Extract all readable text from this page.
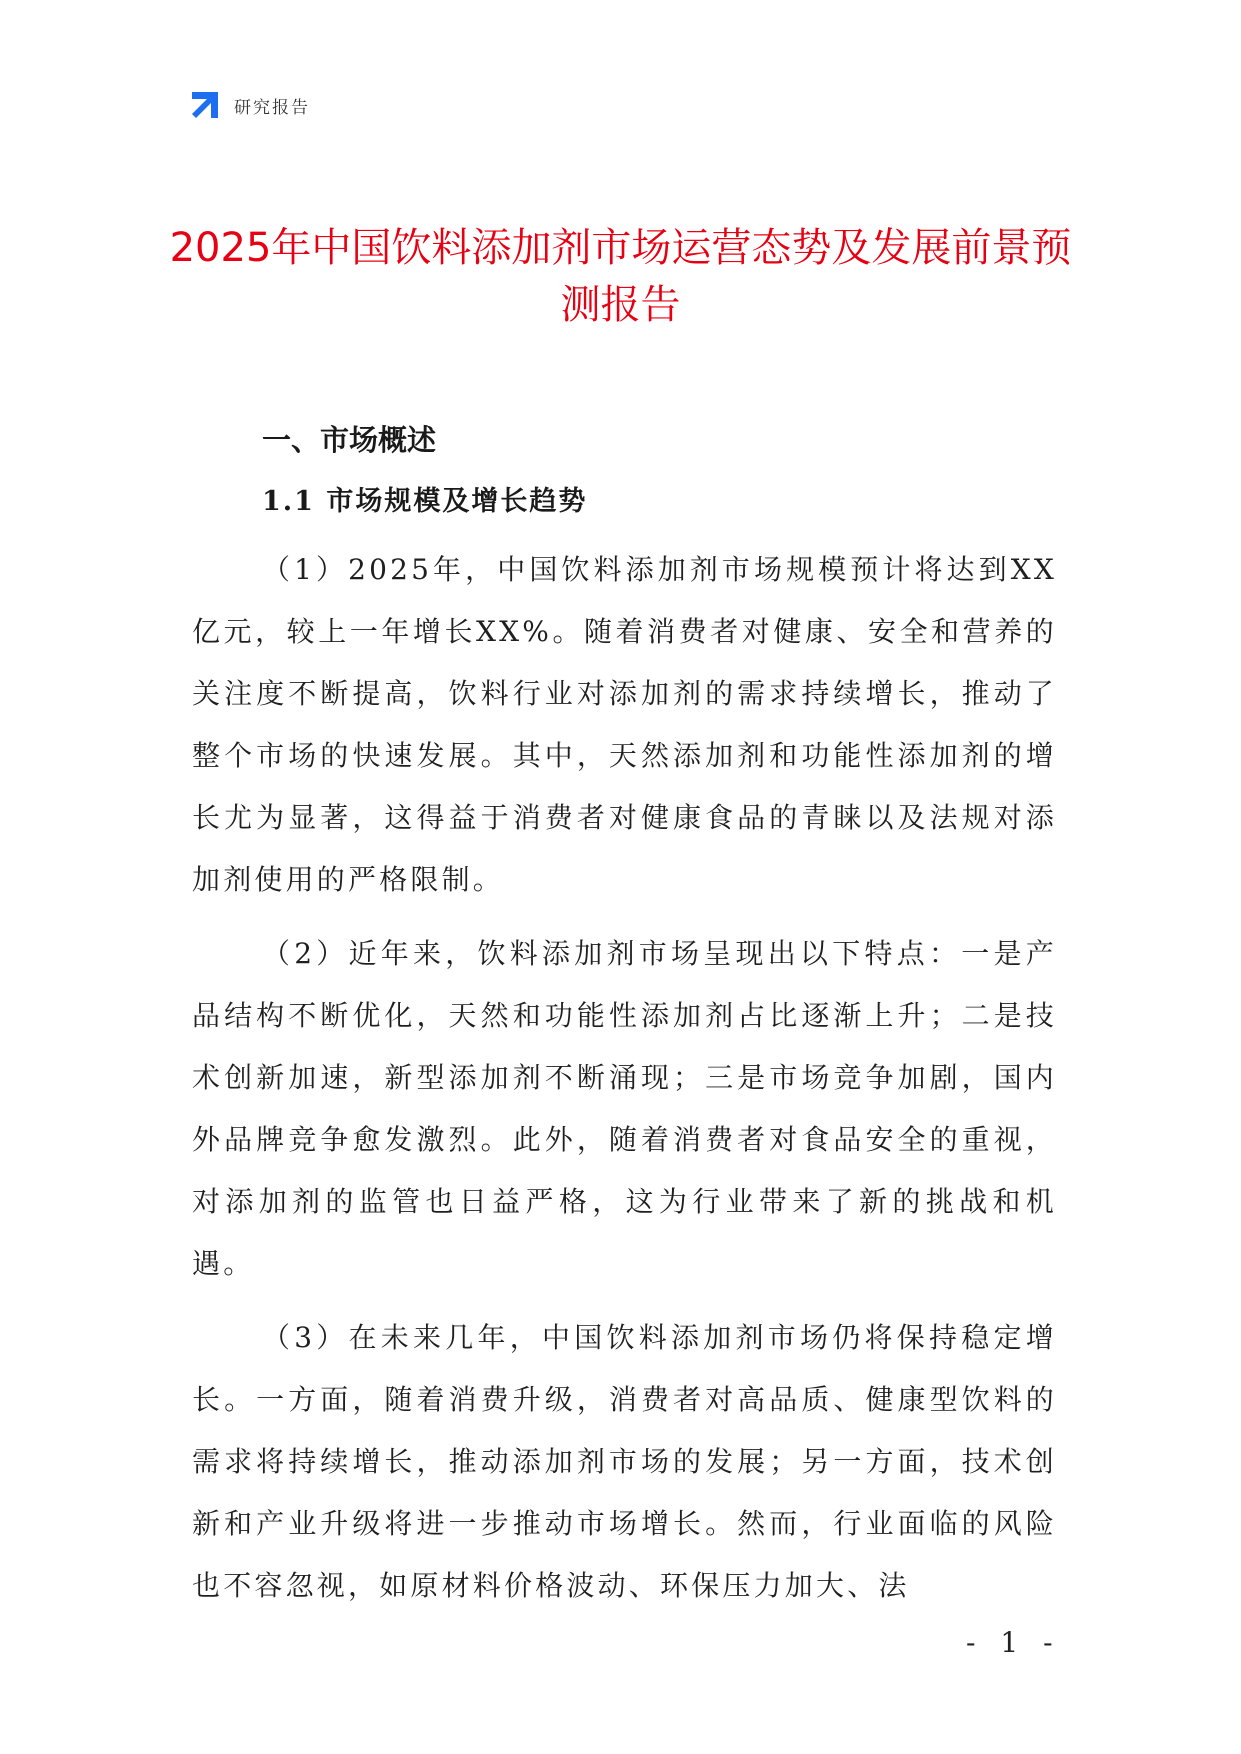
研究报告
2025年中国饮料添加剂市场运营态势及发展前景预测报告
一、市场概述
1.1 市场规模及增长趋势

（1）2025年，中国饮料添加剂市场规模预计将达到XX亿元，较上一年增长XX%。随着消费者对健康、安全和营养的关注度不断提高，饮料行业对添加剂的需求持续增长，推动了整个市场的快速发展。其中，天然添加剂和功能性添加剂的增长尤为显著，这得益于消费者对健康食品的青睐以及法规对添加剂使用的严格限制。

（2）近年来，饮料添加剂市场呈现出以下特点：一是产品结构不断优化，天然和功能性添加剂占比逐渐上升；二是技术创新加速，新型添加剂不断涌现；三是市场竞争加剧，国内外品牌竞争愈发激烈。此外，随着消费者对食品安全的重视，对添加剂的监管也日益严格，这为行业带来了新的挑战和机遇。

（3）在未来几年，中国饮料添加剂市场仍将保持稳定增长。一方面，随着消费升级，消费者对高品质、健康型饮料的需求将持续增长，推动添加剂市场的发展；另一方面，技术创新和产业升级将进一步推动市场增长。然而，行业面临的风险也不容忽视，如原材料价格波动、环保压力加大、法

- 1 -
